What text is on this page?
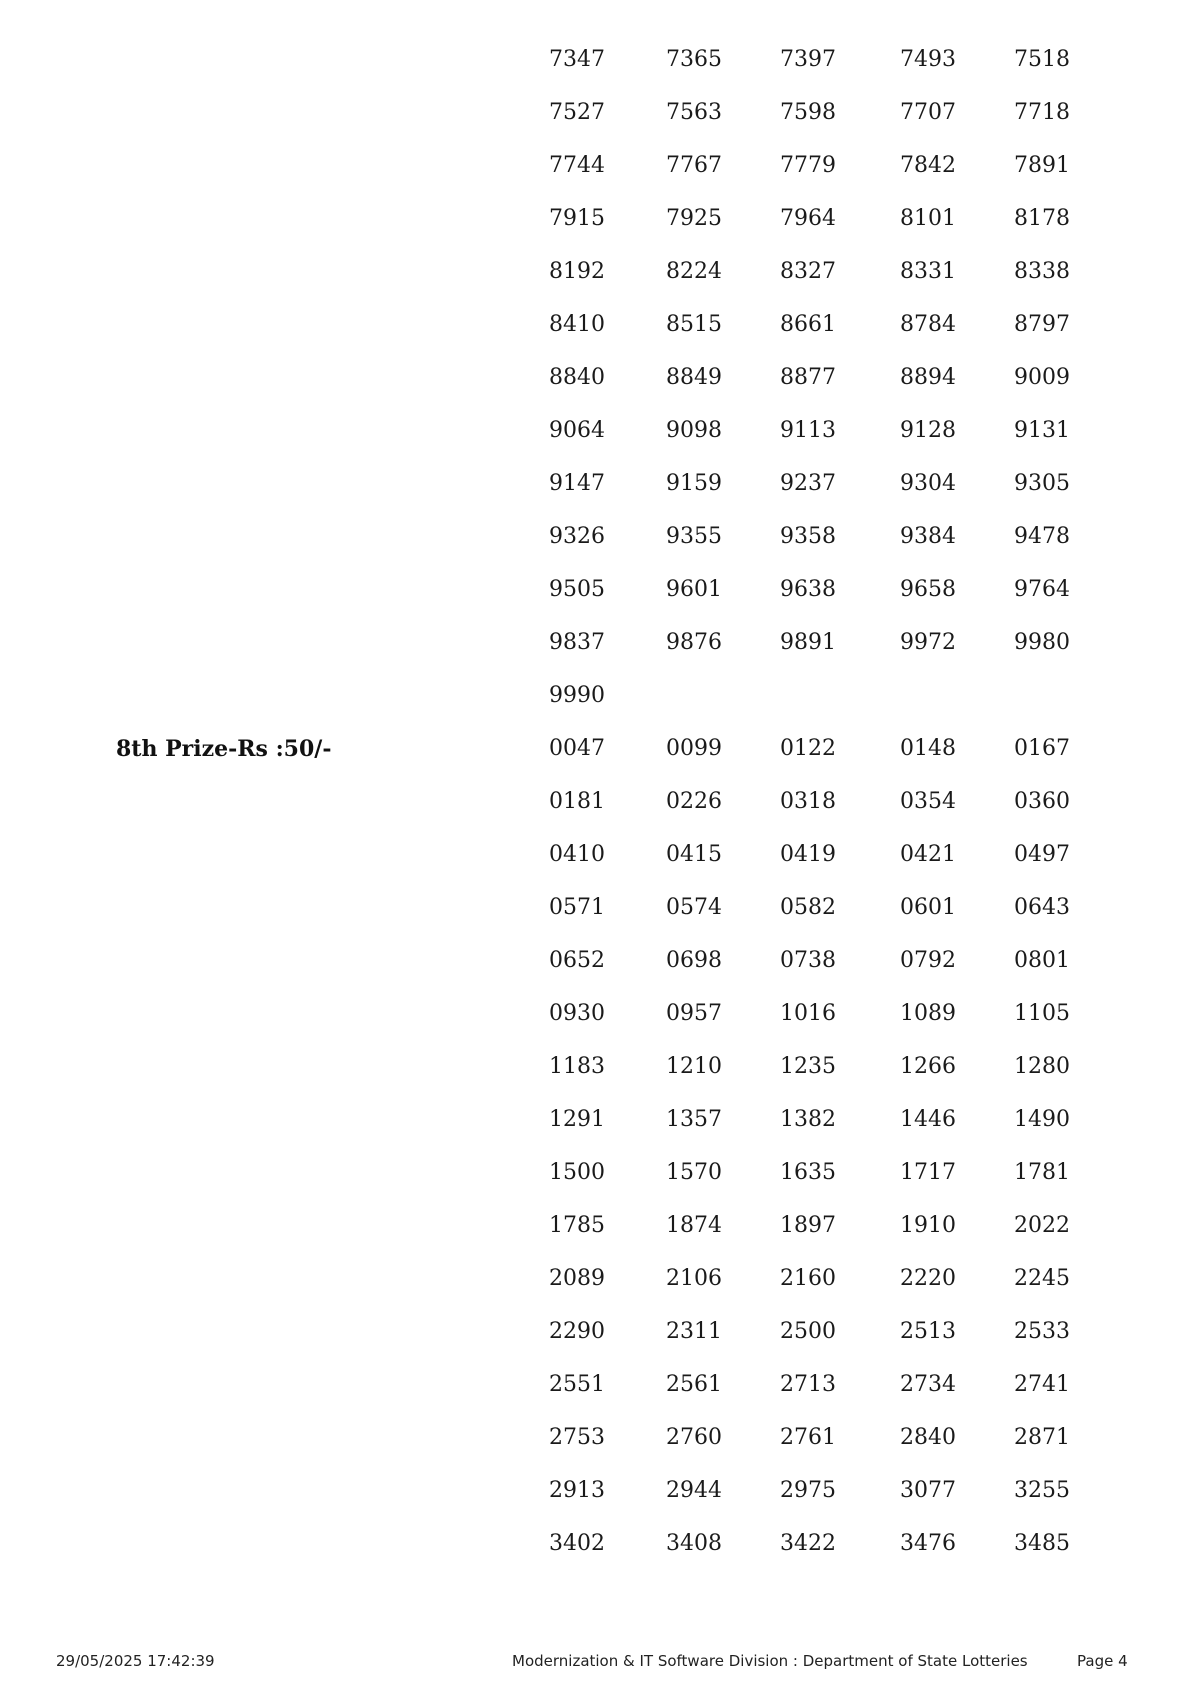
7347	7365	7397	7493	7518
7527	7563	7598	7707	7718
7744	7767	7779	7842	7891
7915	7925	7964	8101	8178
8192	8224	8327	8331	8338
8410	8515	8661	8784	8797
8840	8849	8877	8894	9009
9064	9098	9113	9128	9131
9147	9159	9237	9304	9305
9326	9355	9358	9384	9478
9505	9601	9638	9658	9764
9837	9876	9891	9972	9980
9990
8th Prize-Rs :50/-	0047	0099	0122	0148	0167
0181	0226	0318	0354	0360
0410	0415	0419	0421	0497
0571	0574	0582	0601	0643
0652	0698	0738	0792	0801
0930	0957	1016	1089	1105
1183	1210	1235	1266	1280
1291	1357	1382	1446	1490
1500	1570	1635	1717	1781
1785	1874	1897	1910	2022
2089	2106	2160	2220	2245
2290	2311	2500	2513	2533
2551	2561	2713	2734	2741
2753	2760	2761	2840	2871
2913	2944	2975	3077	3255
3402	3408	3422	3476	3485
29/05/2025 17:42:39	Modernization & IT Software Division : Department of State Lotteries	Page 4
